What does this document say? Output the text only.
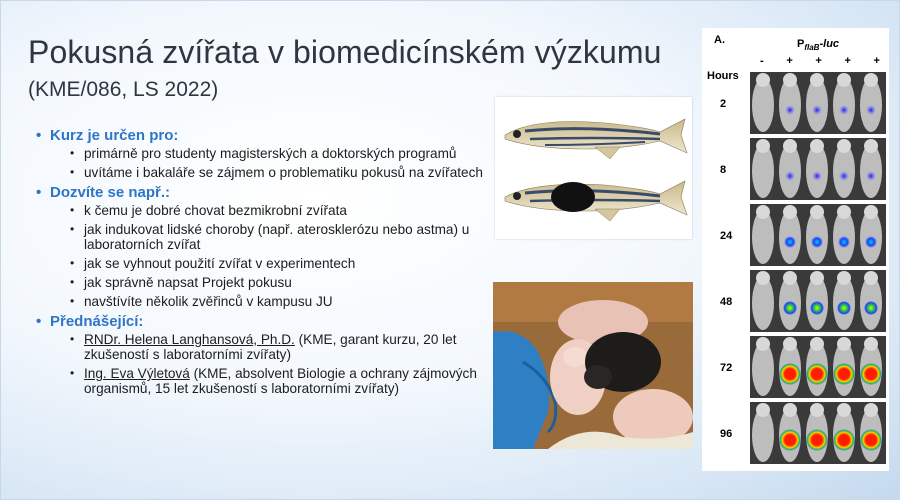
Pokusná zvířata v biomedicínském výzkumu
(KME/086, LS 2022)
• Kurz je určen pro:
• primárně pro studenty magisterských a doktorských programů
• uvítáme i bakaláře se zájmem o problematiku pokusů na zvířatech
• Dozvíte se např.:
• k čemu je dobré chovat bezmikrobní zvířata
• jak indukovat lidské choroby (např. aterosklerózu nebo astma) u laboratorních zvířat
• jak se vyhnout použití zvířat v experimentech
• jak správně napsat Projekt pokusu
• navštívíte několik zvěřinců v kampusu JU
• Přednášející:
• RNDr. Helena Langhansová, Ph.D. (KME, garant kurzu, 20 let zkušeností s laboratorními zvířaty)
• Ing. Eva Výletová (KME, absolvent Biologie a ochrany zájmových organismů, 15 let zkušeností s laboratorními zvířaty)
A.	$P_{flaB}$-luc
- + + + +
Hours
2
8
24
48
72
96
